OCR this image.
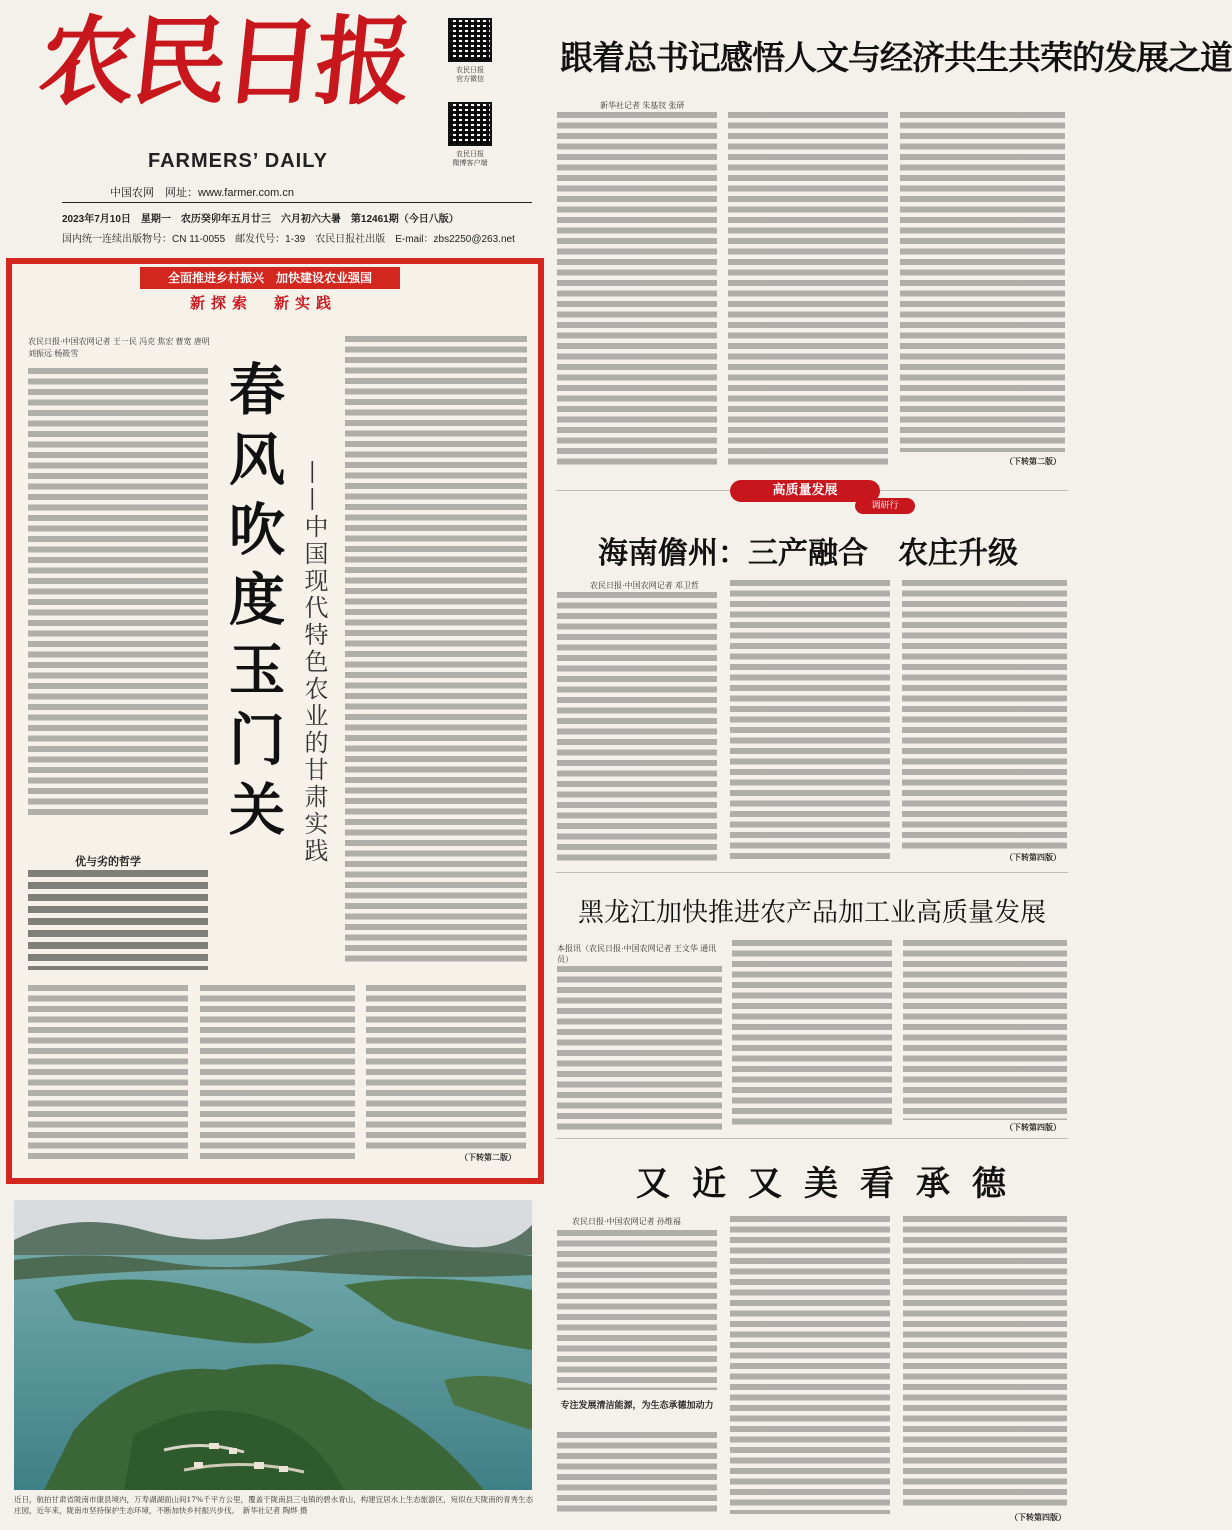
农民日报
FARMERS’ DAILY
中国农网　网址：www.farmer.com.cn
农民日报
官方微信
农民日报
微博客户端
2023年7月10日　星期一　农历癸卯年五月廿三　六月初六大暑　第12461期（今日八版）
国内统一连续出版物号：CN 11-0055　邮发代号：1-39　农民日报社出版　E-mail：zbs2250@263.net
跟着总书记感悟人文与经济共生共荣的发展之道
新华社记者 朱基钗 张研
（下转第二版）
全面推进乡村振兴　加快建设农业强国
新探索　新实践
农民日报·中国农网记者 王一民 冯克 焦宏 曹宽 唐明 刘振远 杨筱雪
春风吹度玉门关 ——中国现代特色农业的甘肃实践
优与劣的哲学
（下转第二版）
高质量发展
调研行
海南儋州：三产融合　农庄升级
农民日报·中国农网记者 邓卫哲
（下转第四版）
黑龙江加快推进农产品加工业高质量发展
本报讯（农民日报·中国农网记者 王文华 通讯员）
（下转第四版）
又近又美看承德
农民日报·中国农网记者 孙维福
专注发展清洁能源，为生态承德加动力
（下转第四版）
近日，航拍甘肃省陇南市康县境内，万寿湖湖面山间17%千平方公里，覆盖于陇南县三屯镇的碧水青山，构建宜居水上生态旅游区，宛似在天陇南的青秀生态庄园，近年来，陇南市坚持保护生态环境，不断加快乡村振兴步伐。　新华社记者 陶烨 摄
